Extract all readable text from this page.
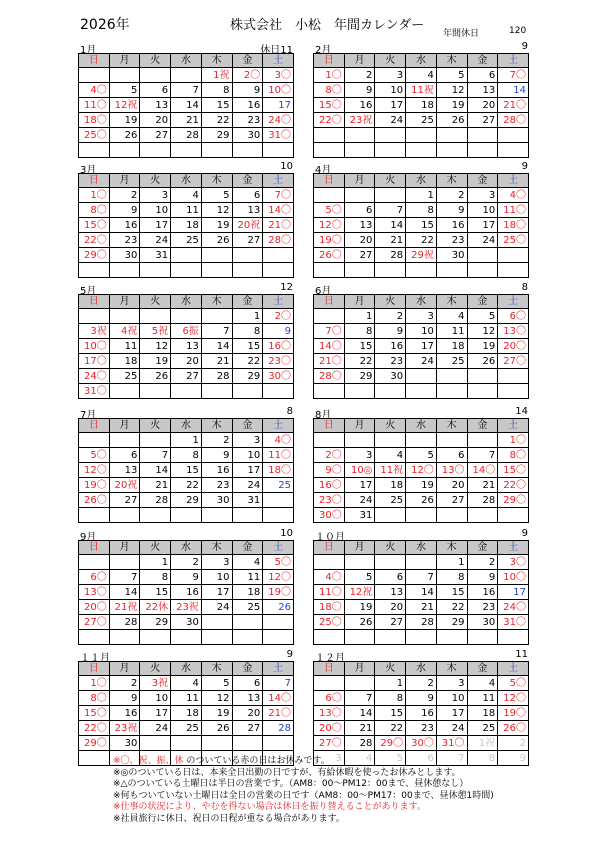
2026年	株式会社　小松　年間カレンダー
年間休日	120
1月	休日11
日	月	火	水	木	金	土
				1祝	2〇	3〇
4〇	5	6	7	8	9	10〇
11〇	12祝	13	14	15	16	17
18〇	19	20	21	22	23	24〇
25〇	26	27	28	29	30	31〇

2月	9
日	月	火	水	木	金	土
1〇	2	3	4	5	6	7〇
8〇	9	10	11祝	12	13	14
15〇	16	17	18	19	20	21〇
22〇	23祝	24	25	26	27	28〇

3月	10
日	月	火	水	木	金	土
1〇	2	3	4	5	6	7〇
8〇	9	10	11	12	13	14〇
15〇	16	17	18	19	20祝	21〇
22〇	23	24	25	26	27	28〇
29〇	30	31				

4月	9
日	月	火	水	木	金	土
			1	2	3	4〇
5〇	6	7	8	9	10	11〇
12〇	13	14	15	16	17	18〇
19〇	20	21	22	23	24	25〇
26〇	27	28	29祝	30		

5月	12
日	月	火	水	木	金	土
					1	2〇
3祝	4祝	5祝	6振	7	8	9
10〇	11	12	13	14	15	16〇
17〇	18	19	20	21	22	23〇
24〇	25	26	27	28	29	30〇
31〇						
6月	8
日	月	火	水	木	金	土
	1	2	3	4	5	6〇
7〇	8	9	10	11	12	13〇
14〇	15	16	17	18	19	20〇
21〇	22	23	24	25	26	27〇
28〇	29	30				

7月	8
日	月	火	水	木	金	土
			1	2	3	4〇
5〇	6	7	8	9	10	11〇
12〇	13	14	15	16	17	18〇
19〇	20祝	21	22	23	24	25
26〇	27	28	29	30	31	

8月	14
日	月	火	水	木	金	土
						1〇
2〇	3	4	5	6	7	8〇
9〇	10◎	11祝	12〇	13〇	14〇	15〇
16〇	17	18	19	20	21	22〇
23〇	24	25	26	27	28	29〇
30〇	31					
9月	10
日	月	火	水	木	金	土
		1	2	3	4	5〇
6〇	7	8	9	10	11	12〇
13〇	14	15	16	17	18	19〇
20〇	21祝	22休	23祝	24	25	26
27〇	28	29	30			

１０月	9
日	月	火	水	木	金	土
				1	2	3〇
4〇	5	6	7	8	9	10〇
11〇	12祝	13	14	15	16	17
18〇	19	20	21	22	23	24〇
25〇	26	27	28	29	30	31〇

１１月	9
日	月	火	水	木	金	土
1〇	2	3祝	4	5	6	7
8〇	9	10	11	12	13	14〇
15〇	16	17	18	19	20	21〇
22〇	23祝	24	25	26	27	28
29〇	30					

１２月	11
日	月	火	水	木	金	土
		1	2	3	4	5〇
6〇	7	8	9	10	11	12〇
13〇	14	15	16	17	18	19〇
20〇	21	22	23	24	25	26〇
27〇	28	29〇	30〇	31〇	1祝	2
3	4	5	6	7	8	9
※〇、祝、振、休 のついている赤の日はお休みです。
※◎のついている日は、本来全日出勤の日ですが、有給休暇を使ったお休みとします。
※△のついている土曜日は半日の営業です。（AM8：00～PM12：00まで、昼休憩なし）
※何もついていない土曜日は全日の営業の日です（AM8：00～PM17：00まで、昼休憩1時間)
※仕事の状況により、やむを得ない場合は休日を振り替えることがあります。
※社員旅行に休日、祝日の日程が重なる場合があります。
